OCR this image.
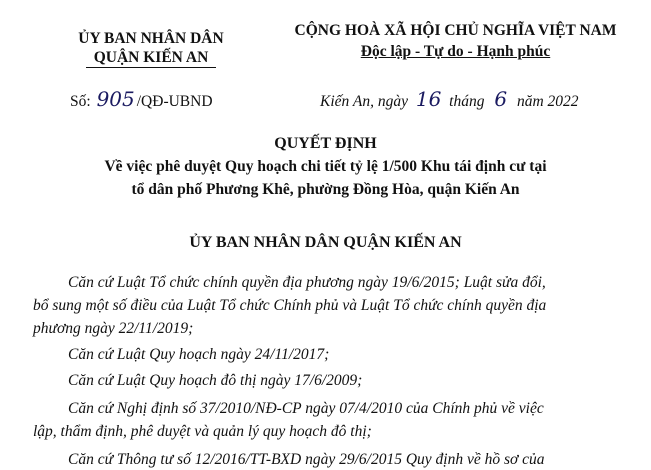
ỦY BAN NHÂN DÂN
QUẬN KIẾN AN
Số: 905 /QĐ-UBND
CỘNG HOÀ XÃ HỘI CHỦ NGHĨA VIỆT NAM
Độc lập - Tự do - Hạnh phúc
Kiến An, ngày 16 tháng 6 năm 2022
QUYẾT ĐỊNH
Về việc phê duyệt Quy hoạch chi tiết tỷ lệ 1/500 Khu tái định cư tại
tổ dân phố Phương Khê, phường Đồng Hòa, quận Kiến An
ỦY BAN NHÂN DÂN QUẬN KIẾN AN
Căn cứ Luật Tổ chức chính quyền địa phương ngày 19/6/2015; Luật sửa đổi,
bổ sung một số điều của Luật Tổ chức Chính phủ và Luật Tổ chức chính quyền địa
phương ngày 22/11/2019;
Căn cứ Luật Quy hoạch ngày 24/11/2017;
Căn cứ Luật Quy hoạch đô thị ngày 17/6/2009;
Căn cứ Nghị định số 37/2010/NĐ-CP ngày 07/4/2010 của Chính phủ về việc
lập, thẩm định, phê duyệt và quản lý quy hoạch đô thị;
Căn cứ Thông tư số 12/2016/TT-BXD ngày 29/6/2015 Quy định về hồ sơ của
